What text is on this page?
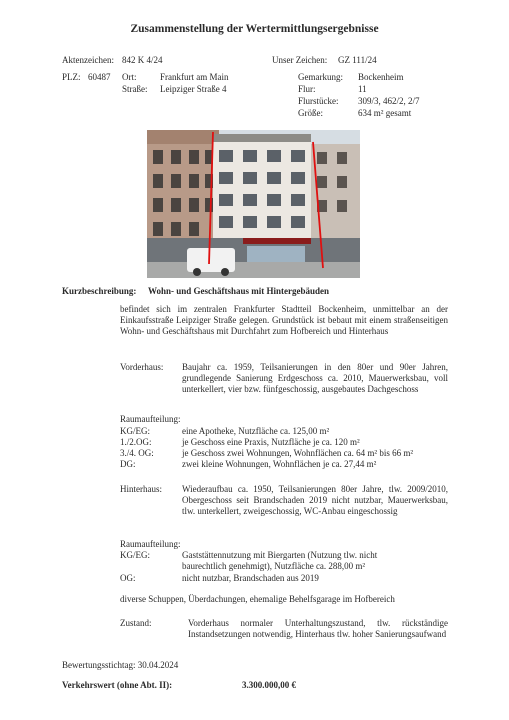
Zusammenstellung der Wertermittlungsergebnisse
Aktenzeichen: 842 K 4/24	Unser Zeichen: GZ 111/24
PLZ: 60487 Ort:	Frankfurt am Main
Straße: Leipziger Straße 4
Gemarkung: Bockenheim
Flur:	11
Flurstücke: 309/3, 462/2, 2/7
Größe:	634 m² gesamt
Kurzbeschreibung: Wohn- und Geschäftshaus mit Hintergebäuden
befindet sich im zentralen Frankfurter Stadtteil Bockenheim, unmittelbar an der Einkaufsstraße Leipziger Straße gelegen. Grundstück ist bebaut mit einem straßenseitigen Wohn- und Geschäftshaus mit Durchfahrt zum Hofbereich und Hinterhaus
Vorderhaus: Baujahr ca. 1959, Teilsanierungen in den 80er und 90er Jahren, grundlegende Sanierung Erdgeschoss ca. 2010, Mauerwerksbau, voll unterkellert, vier bzw. fünfgeschossig, ausgebautes Dachgeschoss
Raumaufteilung:
KG/EG:	eine Apotheke, Nutzfläche ca. 125,00 m²
1./2.OG:	je Geschoss eine Praxis, Nutzfläche je ca. 120 m²
3./4. OG:	je Geschoss zwei Wohnungen, Wohnflächen ca. 64 m² bis 66 m²
DG:	zwei kleine Wohnungen, Wohnflächen je ca. 27,44 m²
Hinterhaus: Wiederaufbau ca. 1950, Teilsanierungen 80er Jahre, tlw. 2009/2010, Obergeschoss seit Brandschaden 2019 nicht nutzbar, Mauerwerksbau, tlw. unterkellert, zweigeschossig, WC-Anbau eingeschossig
Raumaufteilung:
KG/EG:	Gaststättennutzung mit Biergarten (Nutzung tlw. nicht baurechtlich genehmigt), Nutzfläche ca. 288,00 m²
OG:	nicht nutzbar, Brandschaden aus 2019
diverse Schuppen, Überdachungen, ehemalige Behelfsgarage im Hofbereich
Zustand:	Vorderhaus normaler Unterhaltungszustand, tlw. rückständige Instandsetzungen notwendig, Hinterhaus tlw. hoher Sanierungsaufwand
Bewertungsstichtag: 30.04.2024
Verkehrswert (ohne Abt. II):	3.300.000,00 €
